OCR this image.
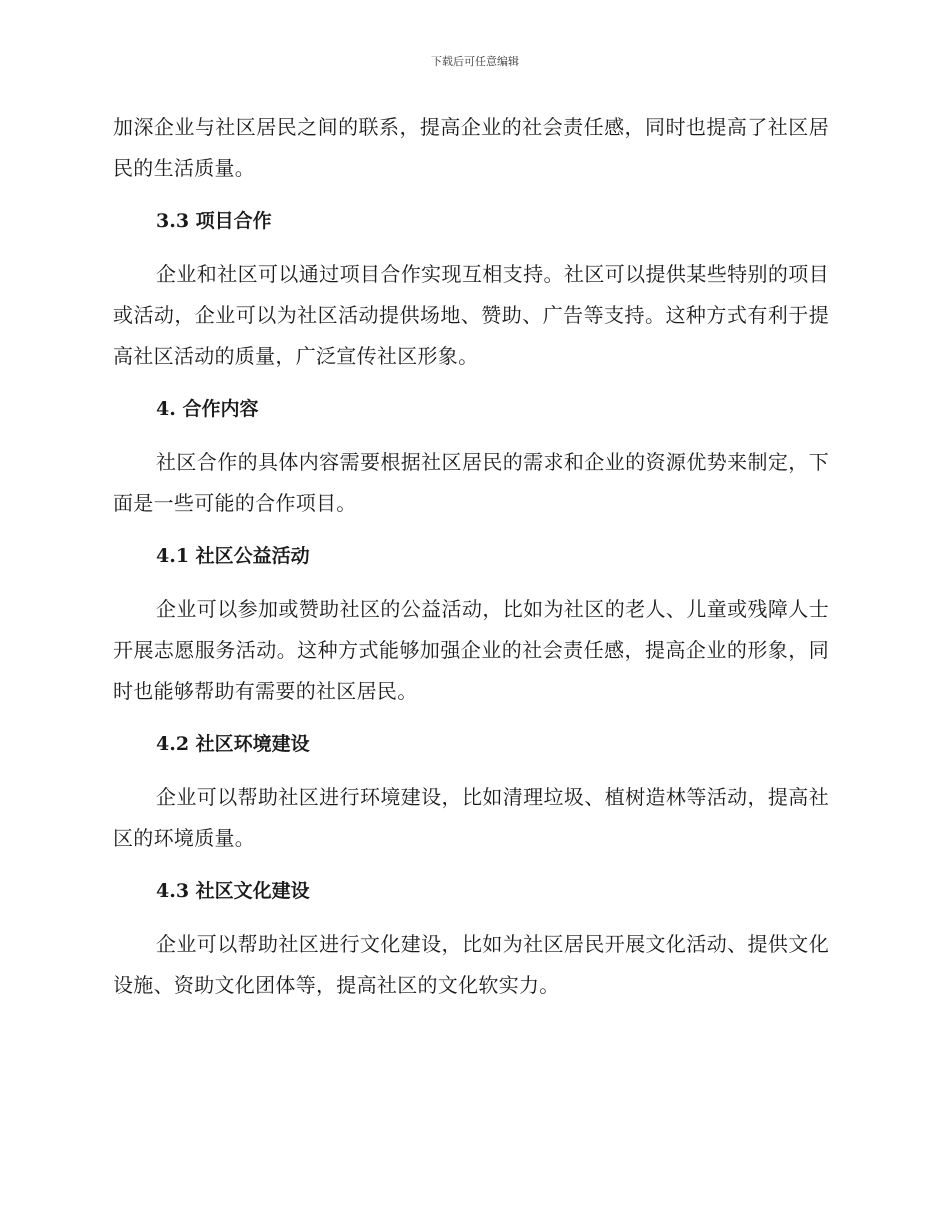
下载后可任意编辑

加深企业与社区居民之间的联系，提高企业的社会责任感，同时也提高了社区居民的生活质量。

3.3 项目合作

企业和社区可以通过项目合作实现互相支持。社区可以提供某些特别的项目或活动，企业可以为社区活动提供场地、赞助、广告等支持。这种方式有利于提高社区活动的质量，广泛宣传社区形象。

4. 合作内容

社区合作的具体内容需要根据社区居民的需求和企业的资源优势来制定，下面是一些可能的合作项目。

4.1 社区公益活动

企业可以参加或赞助社区的公益活动，比如为社区的老人、儿童或残障人士开展志愿服务活动。这种方式能够加强企业的社会责任感，提高企业的形象，同时也能够帮助有需要的社区居民。

4.2 社区环境建设

企业可以帮助社区进行环境建设，比如清理垃圾、植树造林等活动，提高社区的环境质量。

4.3 社区文化建设

企业可以帮助社区进行文化建设，比如为社区居民开展文化活动、提供文化设施、资助文化团体等，提高社区的文化软实力。
